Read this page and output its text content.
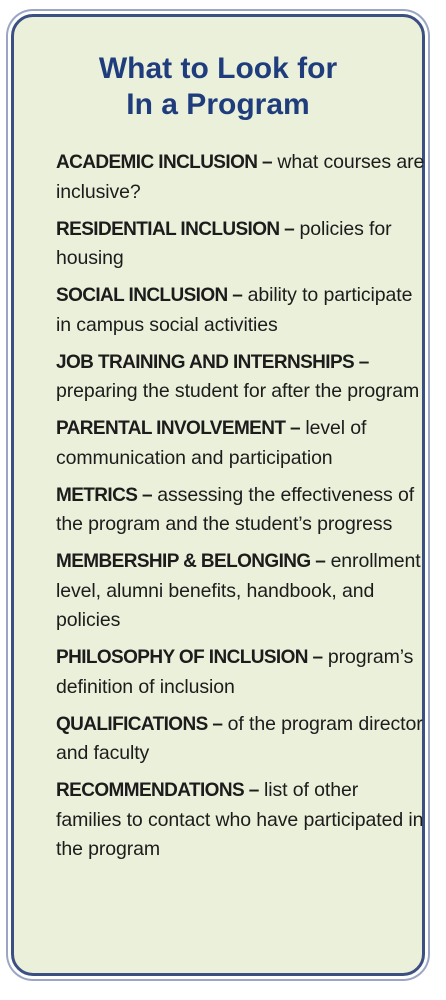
What to Look for
In a Program
ACADEMIC INCLUSION – what courses are inclusive?
RESIDENTIAL INCLUSION – policies for housing
SOCIAL INCLUSION – ability to participate in campus social activities
JOB TRAINING AND INTERNSHIPS – preparing the student for after the program
PARENTAL INVOLVEMENT – level of communication and participation
METRICS – assessing the effectiveness of the program and the student’s progress
MEMBERSHIP & BELONGING – enrollment level, alumni benefits, handbook, and policies
PHILOSOPHY OF INCLUSION – program’s definition of inclusion
QUALIFICATIONS – of the program director and faculty
RECOMMENDATIONS – list of other families to contact who have participated in the program
